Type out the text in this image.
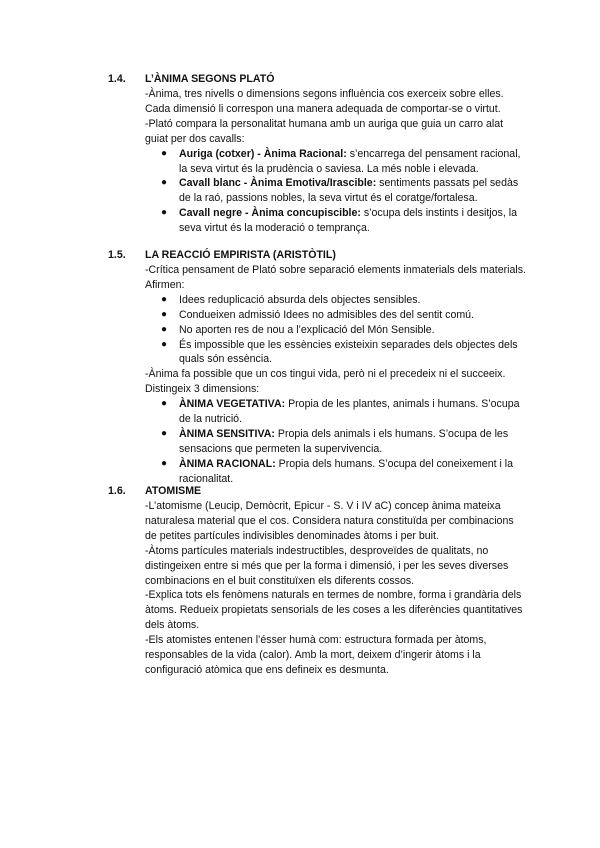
1.4. L’ÀNIMA SEGONS PLATÓ

-Ànima, tres nivells o dimensions segons influència cos exerceix sobre elles. Cada dimensió li correspon una manera adequada de comportar-se o virtut.

-Plató compara la personalitat humana amb un auriga que guia un carro alat guiat per dos cavalls:

● Auriga (cotxer) - Ànima Racional: s’encarrega del pensament racional, la seva virtut és la prudència o saviesa. La més noble i elevada.
● Cavall blanc - Ànima Emotiva/Irascible: sentiments passats pel sedàs de la raó, passions nobles, la seva virtut és el coratge/fortalesa.
● Cavall negre - Ànima concupiscible: s’ocupa dels instints i desitjos, la seva virtut és la moderació o temprança.
1.5. LA REACCIÓ EMPIRISTA (ARISTÒTIL)

-Crítica pensament de Plató sobre separació elements inmaterials dels materials. Afirmen:

● Idees reduplicació absurda dels objectes sensibles.
● Condueixen admissió Idees no admisibles des del sentit comú.
● No aporten res de nou a l’explicació del Món Sensible.
● És impossible que les essències existeixin separades dels objectes dels quals són essència.

-Ànima fa possible que un cos tingui vida, però ni el precedeix ni el succeeix. Distingeix 3 dimensions:

● ÀNIMA VEGETATIVA: Propia de les plantes, animals i humans. S’ocupa de la nutrició.
● ÀNIMA SENSITIVA: Propia dels animals i els humans. S’ocupa de les sensacions que permeten la supervivencia.
● ÀNIMA RACIONAL: Propia dels humans. S’ocupa del coneixement i la racionalitat.
1.6. ATOMISME

-L’atomisme (Leucip, Demòcrit, Epicur - S. V i IV aC) concep ànima mateixa naturalesa material que el cos. Considera natura constituïda per combinacions de petites partícules indivisibles denominades àtoms i per buit.

-Àtoms partícules materials indestructibles, desproveïdes de qualitats, no distingeixen entre si més que per la forma i dimensió, i per les seves diverses combinacions en el buit constituïxen els diferents cossos.

-Explica tots els fenòmens naturals en termes de nombre, forma i grandària dels àtoms. Redueix propietats sensorials de les coses a les diferències quantitatives dels àtoms.

-Els atomistes entenen l’ésser humà com: estructura formada per àtoms, responsables de la vida (calor). Amb la mort, deixem d’ingerir àtoms i la configuració atòmica que ens defineix es desmunta.
